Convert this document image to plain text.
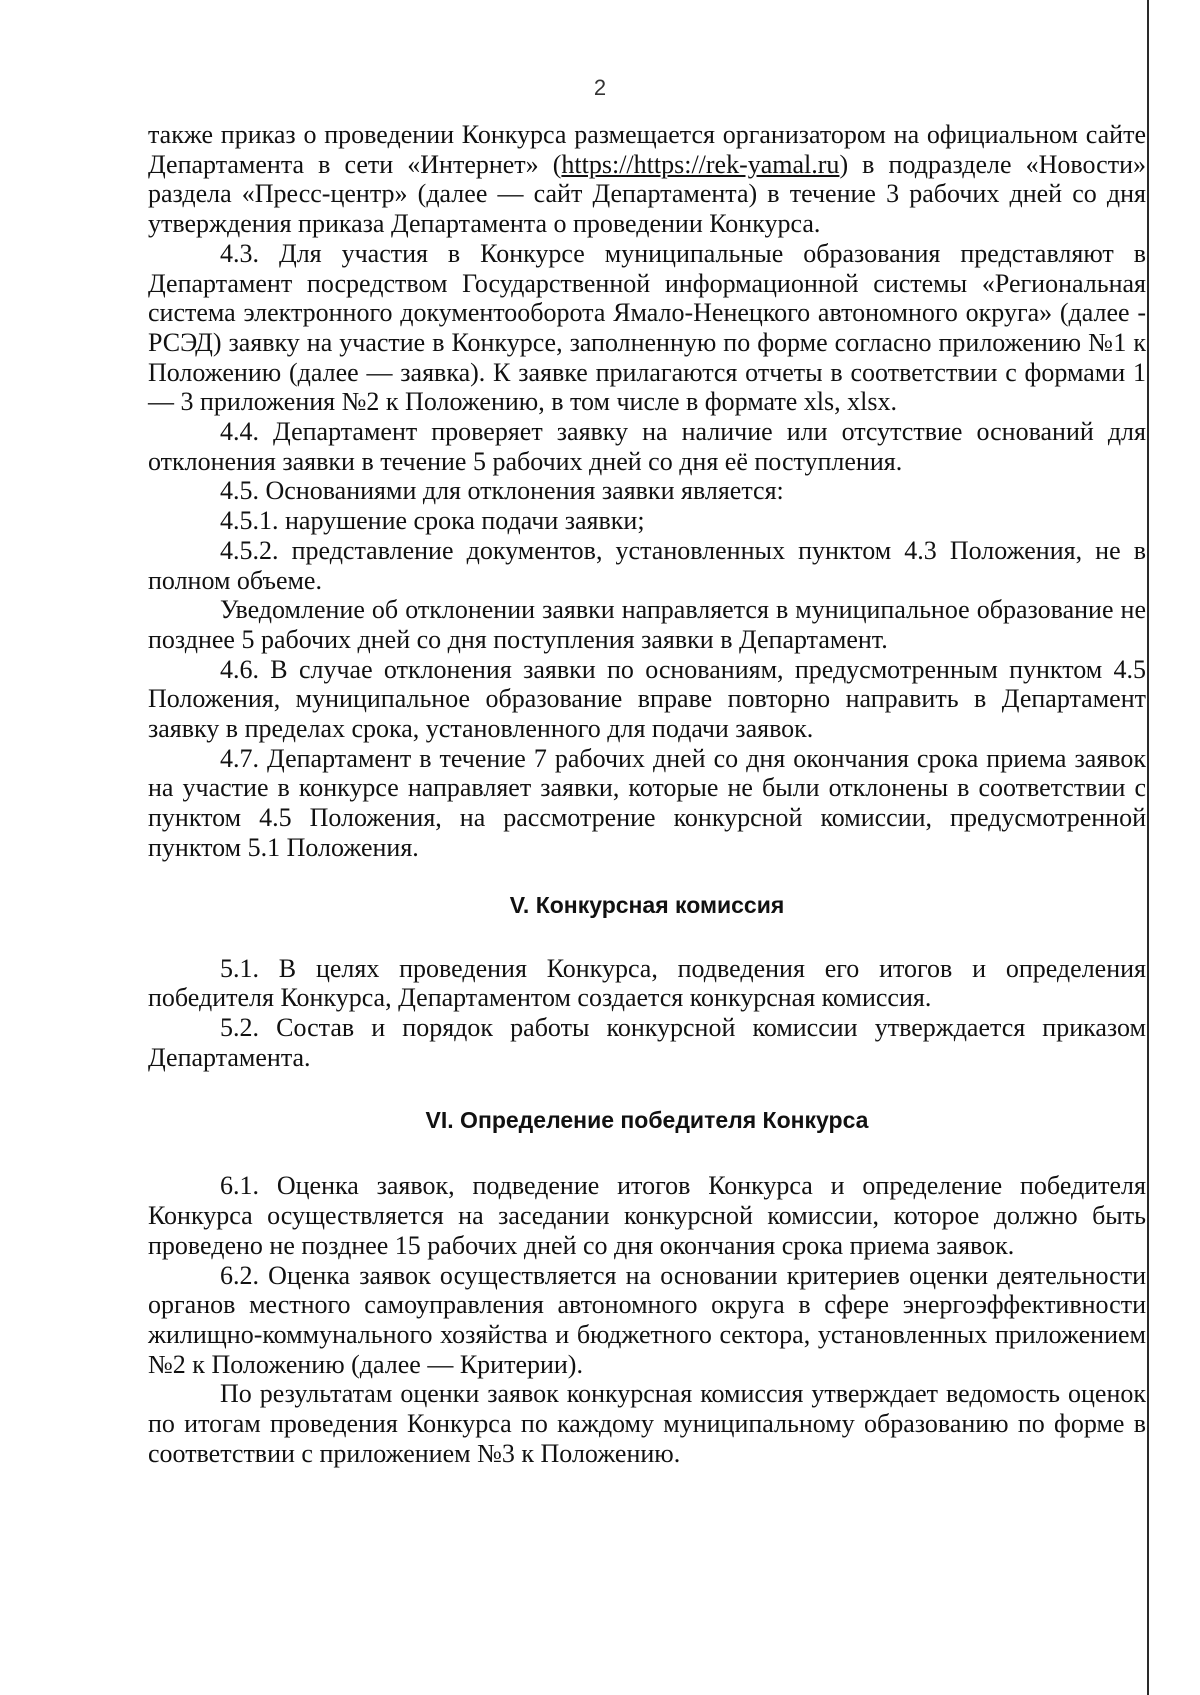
2

также приказ о проведении Конкурса размещается организатором на официальном сайте Департамента в сети «Интернет» (https://https://rek-yamal.ru) в подразделе «Новости» раздела «Пресс-центр» (далее — сайт Департамента) в течение 3 рабочих дней со дня утверждения приказа Департамента о проведении Конкурса.

4.3. Для участия в Конкурсе муниципальные образования представляют в Департамент посредством Государственной информационной системы «Региональная система электронного документооборота Ямало-Ненецкого автономного округа» (далее - РСЭД) заявку на участие в Конкурсе, заполненную по форме согласно приложению №1 к Положению (далее — заявка). К заявке прилагаются отчеты в соответствии с формами 1 — 3 приложения №2 к Положению, в том числе в формате xls, xlsx.

4.4. Департамент проверяет заявку на наличие или отсутствие оснований для отклонения заявки в течение 5 рабочих дней со дня её поступления.

4.5. Основаниями для отклонения заявки является:

4.5.1. нарушение срока подачи заявки;

4.5.2. представление документов, установленных пунктом 4.3 Положения, не в полном объеме.

Уведомление об отклонении заявки направляется в муниципальное образование не позднее 5 рабочих дней со дня поступления заявки в Департамент.

4.6. В случае отклонения заявки по основаниям, предусмотренным пунктом 4.5 Положения, муниципальное образование вправе повторно направить в Департамент заявку в пределах срока, установленного для подачи заявок.

4.7. Департамент в течение 7 рабочих дней со дня окончания срока приема заявок на участие в конкурсе направляет заявки, которые не были отклонены в соответствии с пунктом 4.5 Положения, на рассмотрение конкурсной комиссии, предусмотренной пунктом 5.1 Положения.

V. Конкурсная комиссия

5.1. В целях проведения Конкурса, подведения его итогов и определения победителя Конкурса, Департаментом создается конкурсная комиссия.

5.2. Состав и порядок работы конкурсной комиссии утверждается приказом Департамента.

VI. Определение победителя Конкурса

6.1. Оценка заявок, подведение итогов Конкурса и определение победителя Конкурса осуществляется на заседании конкурсной комиссии, которое должно быть проведено не позднее 15 рабочих дней со дня окончания срока приема заявок.

6.2. Оценка заявок осуществляется на основании критериев оценки деятельности органов местного самоуправления автономного округа в сфере энергоэффективности жилищно-коммунального хозяйства и бюджетного сектора, установленных приложением №2 к Положению (далее — Критерии).

По результатам оценки заявок конкурсная комиссия утверждает ведомость оценок по итогам проведения Конкурса по каждому муниципальному образованию по форме в соответствии с приложением №3 к Положению.
